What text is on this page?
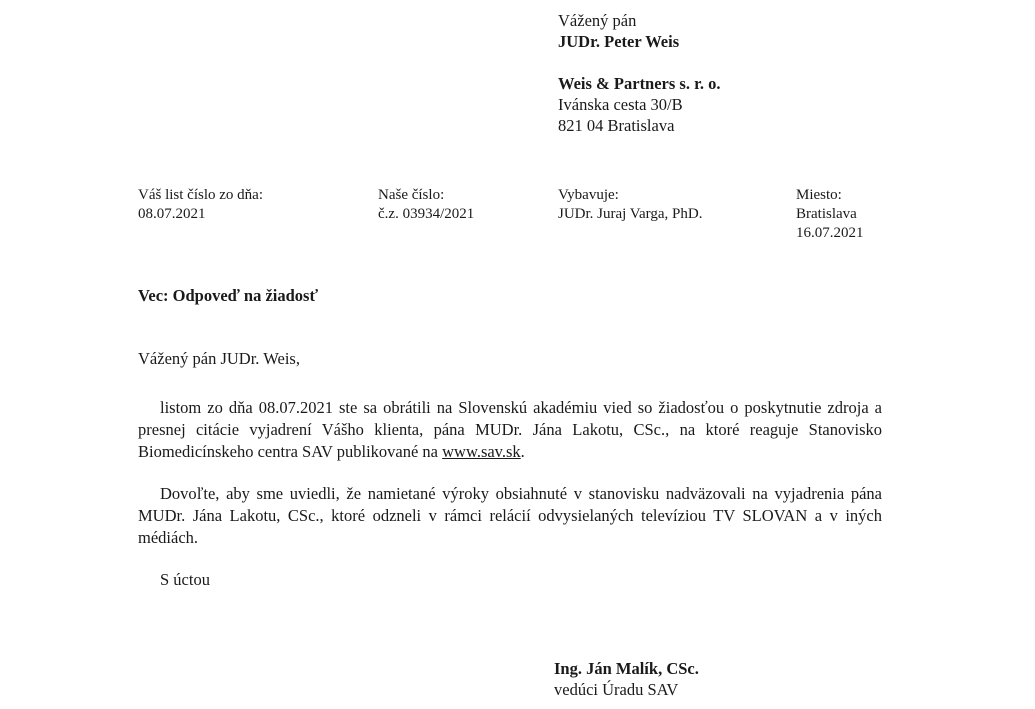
Vážený pán
JUDr. Peter Weis
Weis & Partners s. r. o.
Ivánska cesta 30/B
821 04 Bratislava
Váš list číslo zo dňa:
08.07.2021
Naše číslo:
č.z. 03934/2021
Vybavuje:
JUDr. Juraj Varga, PhD.
Miesto:
Bratislava
16.07.2021
Vec: Odpoveď na žiadosť
Vážený pán JUDr. Weis,
listom zo dňa 08.07.2021 ste sa obrátili na Slovenskú akadémiu vied so žiadosťou o poskytnutie zdroja a presnej citácie vyjadrení Vášho klienta, pána MUDr. Jána Lakotu, CSc., na ktoré reaguje Stanovisko Biomedicínskeho centra SAV publikované na www.sav.sk.
Dovoľte, aby sme uviedli, že namietané výroky obsiahnuté v stanovisku nadväzovali na vyjadrenia pána MUDr. Jána Lakotu, CSc., ktoré odzneli v rámci relácií odvysielaných televíziou TV SLOVAN a v iných médiách.
S úctou
Ing. Ján Malík, CSc.
vedúci Úradu SAV
